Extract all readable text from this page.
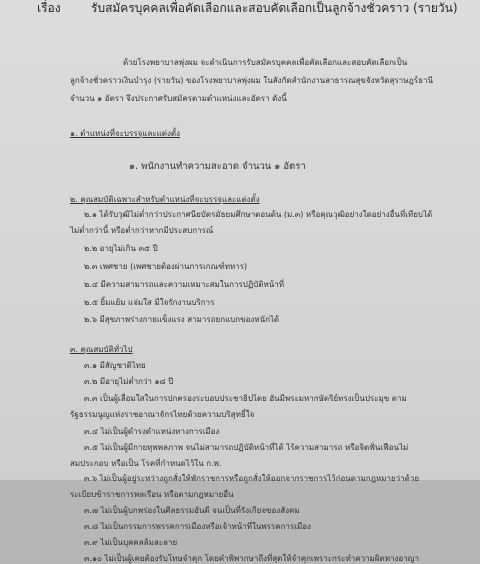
เรื่อง	รับสมัครบุคคลเพื่อคัดเลือกและสอบคัดเลือกเป็นลูกจ้างชั่วคราว (รายวัน)
ด้วยโรงพยาบาลพุ่งผม จะดำเนินการรับสมัครบุคคลเพื่อคัดเลือกและสอบคัดเลือกเป็น
ลูกจ้างชั่วคราวเงินบำรุง (รายวัน) ของโรงพยาบาลพุ่งผม ในสังกัดสำนักงานสาธารณสุขจังหวัดสุราษฎร์ธานี
จำนวน ๑ อัตรา จึงประกาศรับสมัครตามตำแหน่งและอัตรา ดังนี้
๑. ตำแหน่งที่จะบรรจุและแต่งตั้ง
๑. พนักงานทำความสะอาด จำนวน ๑ อัตรา
๒. คุณสมบัติเฉพาะสำหรับตำแหน่งที่จะบรรจุและแต่งตั้ง
๒.๑ ได้รับวุฒิไม่ต่ำกว่าประกาศนียบัตรมัธยมศึกษาตอนต้น (ม.๓) หรือคุณวุฒิอย่างใดอย่างอื่นที่เทียบได้
ไม่ต่ำกว่านี้ หรือต่ำกว่าหากมีประสบการณ์
๒.๒ อายุไม่เกิน ๓๕ ปี
๒.๓ เพศชาย (เพศชายต้องผ่านการเกณฑ์ทหาร)
๒.๔ มีความสามารถและความเหมาะสมในการปฏิบัติหน้าที่
๒.๕ ยิ้มแย้ม แจ่มใส มีใจรักงานบริการ
๒.๖ มีสุขภาพร่างกายแข็งแรง สามารถยกแบกของหนักได้
๓. คุณสมบัติทั่วไป
๓.๑ มีสัญชาติไทย
๓.๒ มีอายุไม่ต่ำกว่า ๑๘ ปี
๓.๓ เป็นผู้เลื่อมใสในการปกครองระบอบประชาธิปไตย อันมีพระมหากษัตริย์ทรงเป็นประมุข ตาม
รัฐธรรมนูญแห่งราชอาณาจักรไทยด้วยความบริสุทธิ์ใจ
๓.๔ ไม่เป็นผู้ดำรงตำแหน่งทางการเมือง
๓.๕ ไม่เป็นผู้มีกายทุพพลภาพ จนไม่สามารถปฏิบัติหน้าที่ได้ ไร้ความสามารถ หรือจิตฟั่นเฟือนไม่
สมประกอบ หรือเป็น โรคที่กำหนดไว้ใน ก.พ.
๓.๖ ไม่เป็นผู้อยู่ระหว่างถูกสั่งให้พักราชการหรือถูกสั่งให้ออกจากราชการไว้ก่อนตามกฎหมายว่าด้วย
ระเบียบข้าราชการพลเรือน หรือตามกฎหมายอื่น
๓.๗ ไม่เป็นผู้บกพร่องในศีลธรรมอันดี จนเป็นที่รังเกียจของสังคม
๓.๘ ไม่เป็นกรรมการพรรคการเมืองหรือเจ้าหน้าที่ในพรรคการเมือง
๓.๙ ไม่เป็นบุคคลล้มละลาย
๓.๑๐ ไม่เป็นผู้เคยต้องรับโทษจำคุก โดยคำพิพากษาถึงที่สุดให้จำคุกเพราะกระทำความผิดทางอาญา
